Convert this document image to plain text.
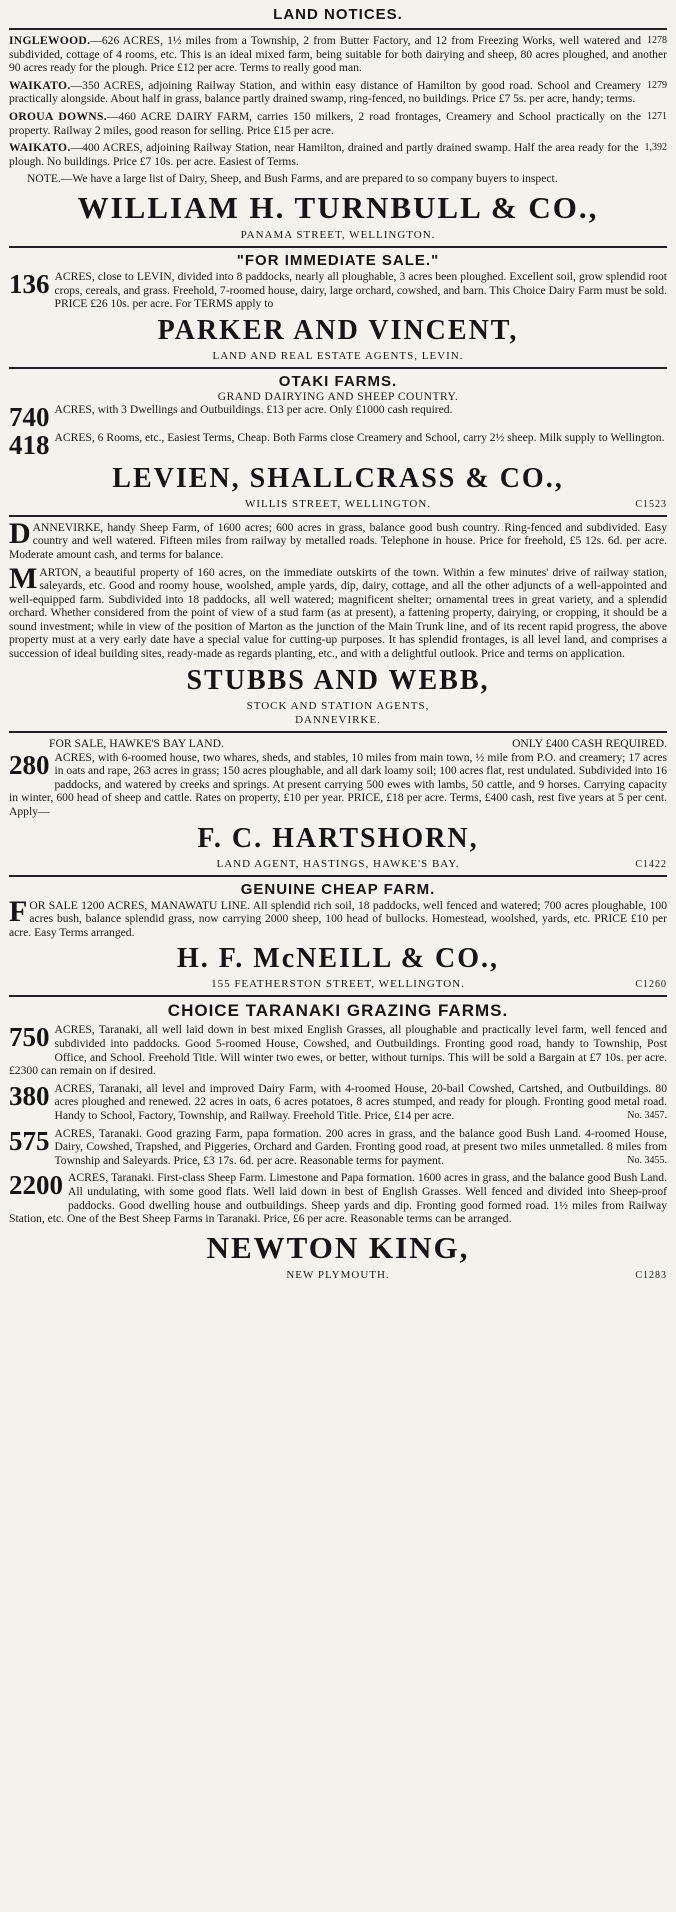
LAND NOTICES.

1278
INGLEWOOD.—626 ACRES, 1½ miles from a Township, 2 from Butter Factory, and 12 from Freezing Works, well watered and subdivided, cottage of 4 rooms, etc. This is an ideal mixed farm, being suitable for both dairying and sheep, 80 acres ploughed, and another 90 acres ready for the plough. Price £12 per acre. Terms to really good man.

1279
WAIKATO.—350 ACRES, adjoining Railway Station, and within easy distance of Hamilton by good road. School and Creamery practically alongside. About half in grass, balance partly drained swamp, ring-fenced, no buildings. Price £7 5s. per acre, handy; terms.

1271
OROUA DOWNS.—460 ACRE DAIRY FARM, carries 150 milkers, 2 road frontages, Creamery and School practically on the property. Railway 2 miles, good reason for selling. Price £15 per acre.

1,392
WAIKATO.—400 ACRES, adjoining Railway Station, near Hamilton, drained and partly drained swamp. Half the area ready for the plough. No buildings. Price £7 10s. per acre. Easiest of Terms.

NOTE.—We have a large list of Dairy, Sheep, and Bush Farms, and are prepared to so company buyers to inspect.

WILLIAM H. TURNBULL & CO.,
PANAMA STREET, WELLINGTON.
"FOR IMMEDIATE SALE."

136 ACRES, close to LEVIN, divided into 8 paddocks, nearly all ploughable, 3 acres been ploughed. Excellent soil, grow splendid root crops, cereals, and grass. Freehold, 7-roomed house, dairy, large orchard, cowshed, and barn. This Choice Dairy Farm must be sold. PRICE £26 10s. per acre. For TERMS apply to

PARKER AND VINCENT,
LAND AND REAL ESTATE AGENTS, LEVIN.
OTAKI FARMS.
GRAND DAIRYING AND SHEEP COUNTRY.

740 ACRES, with 3 Dwellings and Outbuildings. £13 per acre. Only £1000 cash required.

418 ACRES, 6 Rooms, etc., Easiest Terms, Cheap. Both Farms close Creamery and School, carry 2½ sheep. Milk supply to Wellington.

LEVIEN, SHALLCRASS & CO.,
WILLIS STREET, WELLINGTON.	C1523

DANNEVIRKE, handy Sheep Farm, of 1600 acres; 600 acres in grass, balance good bush country. Ring-fenced and subdivided. Easy country and well watered. Fifteen miles from railway by metalled roads. Telephone in house. Price for freehold, £5 12s. 6d. per acre. Moderate amount cash, and terms for balance.

MARTON, a beautiful property of 160 acres, on the immediate outskirts of the town. Within a few minutes' drive of railway station, saleyards, etc. Good and roomy house, woolshed, ample yards, dip, dairy, cottage, and all the other adjuncts of a well-appointed and well-equipped farm. Subdivided into 18 paddocks, all well watered; magnificent shelter; ornamental trees in great variety, and a splendid orchard. Whether considered from the point of view of a stud farm (as at present), a fattening property, dairying, or cropping, it should be a sound investment; while in view of the position of Marton as the junction of the Main Trunk line, and of its recent rapid progress, the above property must at a very early date have a special value for cutting-up purposes. It has splendid frontages, is all level land, and comprises a succession of ideal building sites, ready-made as regards planting, etc., and with a delightful outlook. Price and terms on application.

STUBBS AND WEBB,
STOCK AND STATION AGENTS,
DANNEVIRKE.
FOR SALE, HAWKE'S BAY LAND.	ONLY £400 CASH REQUIRED.

280 ACRES, with 6-roomed house, two whares, sheds, and stables, 10 miles from main town, ½ mile from P.O. and creamery; 17 acres in oats and rape, 263 acres in grass; 150 acres ploughable, and all dark loamy soil; 100 acres flat, rest undulated. Subdivided into 16 paddocks, and watered by creeks and springs. At present carrying 500 ewes with lambs, 50 cattle, and 9 horses. Carrying capacity in winter, 600 head of sheep and cattle. Rates on property, £10 per year. PRICE, £18 per acre. Terms, £400 cash, rest five years at 5 per cent. Apply—

F. C. HARTSHORN,
LAND AGENT, HASTINGS, HAWKE'S BAY.	C1422
GENUINE CHEAP FARM.

FOR SALE 1200 ACRES, MANAWATU LINE. All splendid rich soil, 18 paddocks, well fenced and watered; 700 acres ploughable, 100 acres bush, balance splendid grass, now carrying 2000 sheep, 100 head of bullocks. Homestead, woolshed, yards, etc. PRICE £10 per acre. Easy Terms arranged.

H. F. McNEILL & CO.,
155 FEATHERSTON STREET, WELLINGTON.	C1260
CHOICE TARANAKI GRAZING FARMS.

750 ACRES, Taranaki, all well laid down in best mixed English Grasses, all ploughable and practically level farm, well fenced and subdivided into paddocks. Good 5-roomed House, Cowshed, and Outbuildings. Fronting good road, handy to Township, Post Office, and School. Freehold Title. Will winter two ewes, or better, without turnips. This will be sold a Bargain at £7 10s. per acre. £2300 can remain on if desired.

380 ACRES, Taranaki, all level and improved Dairy Farm, with 4-roomed House, 20-bail Cowshed, Cartshed, and Outbuildings. 80 acres ploughed and renewed. 22 acres in oats, 6 acres potatoes, 8 acres stumped, and ready for plough. Fronting good metal road. Handy to School, Factory, Township, and Railway. Freehold Title. Price, £14 per acre.	No. 3457.

575 ACRES, Taranaki. Good grazing Farm, papa formation. 200 acres in grass, and the balance good Bush Land. 4-roomed House, Dairy, Cowshed, Trapshed, and Piggeries, Orchard and Garden. Fronting good road, at present two miles unmetalled. 8 miles from Township and Saleyards. Price, £3 17s. 6d. per acre. Reasonable terms for payment.	No. 3455.

2200 ACRES, Taranaki. First-class Sheep Farm. Limestone and Papa formation. 1600 acres in grass, and the balance good Bush Land. All undulating, with some good flats. Well laid down in best of English Grasses. Well fenced and divided into Sheep-proof paddocks. Good dwelling house and outbuildings. Sheep yards and dip. Fronting good formed road. 1½ miles from Railway Station, etc. One of the Best Sheep Farms in Taranaki. Price, £6 per acre. Reasonable terms can be arranged.

NEWTON KING,
NEW PLYMOUTH.	C1283
